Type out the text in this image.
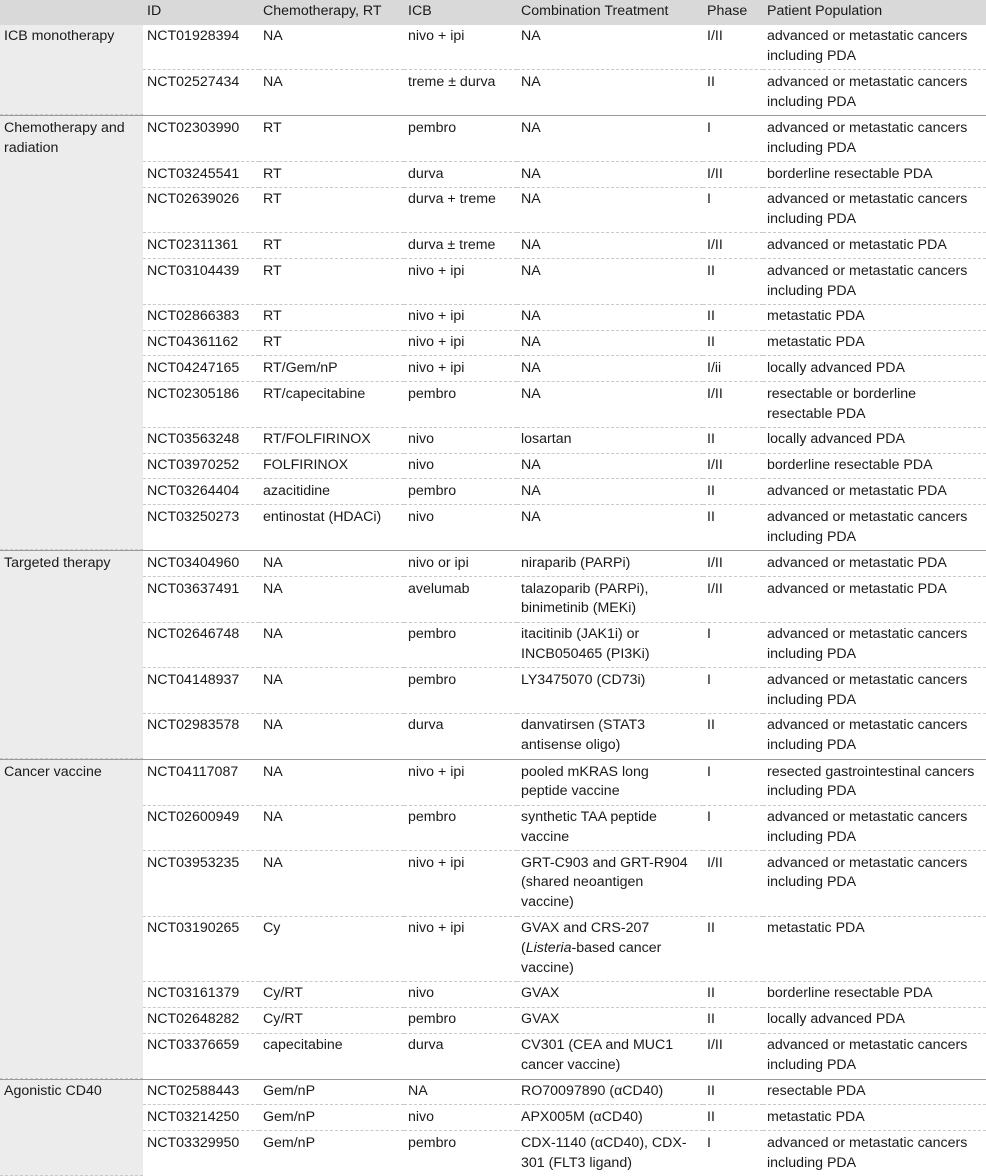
	ID	Chemotherapy, RT	ICB	Combination Treatment	Phase	Patient Population
ICB monotherapy	NCT01928394	NA	nivo + ipi	NA	I/II	advanced or metastatic cancers including PDA
	NCT02527434	NA	treme ± durva	NA	II	advanced or metastatic cancers including PDA

Chemotherapy and radiation	NCT02303990	RT	pembro	NA	I	advanced or metastatic cancers including PDA
	NCT03245541	RT	durva	NA	I/II	borderline resectable PDA
	NCT02639026	RT	durva + treme	NA	I	advanced or metastatic cancers including PDA
	NCT02311361	RT	durva ± treme	NA	I/II	advanced or metastatic PDA
	NCT03104439	RT	nivo + ipi	NA	II	advanced or metastatic cancers including PDA
	NCT02866383	RT	nivo + ipi	NA	II	metastatic PDA
	NCT04361162	RT	nivo + ipi	NA	II	metastatic PDA
	NCT04247165	RT/Gem/nP	nivo + ipi	NA	I/ii	locally advanced PDA
	NCT02305186	RT/capecitabine	pembro	NA	I/II	resectable or borderline resectable PDA
	NCT03563248	RT/FOLFIRINOX	nivo	losartan	II	locally advanced PDA
	NCT03970252	FOLFIRINOX	nivo	NA	I/II	borderline resectable PDA
	NCT03264404	azacitidine	pembro	NA	II	advanced or metastatic PDA
	NCT03250273	entinostat (HDACi)	nivo	NA	II	advanced or metastatic cancers including PDA

Targeted therapy	NCT03404960	NA	nivo or ipi	niraparib (PARPi)	I/II	advanced or metastatic PDA
	NCT03637491	NA	avelumab	talazoparib (PARPi), binimetinib (MEKi)	I/II	advanced or metastatic PDA
	NCT02646748	NA	pembro	itacitinib (JAK1i) or INCB050465 (PI3Ki)	I	advanced or metastatic cancers including PDA
	NCT04148937	NA	pembro	LY3475070 (CD73i)	I	advanced or metastatic cancers including PDA
	NCT02983578	NA	durva	danvatirsen (STAT3 antisense oligo)	II	advanced or metastatic cancers including PDA

Cancer vaccine	NCT04117087	NA	nivo + ipi	pooled mKRAS long peptide vaccine	I	resected gastrointestinal cancers including PDA
	NCT02600949	NA	pembro	synthetic TAA peptide vaccine	I	advanced or metastatic cancers including PDA
	NCT03953235	NA	nivo + ipi	GRT-C903 and GRT-R904 (shared neoantigen vaccine)	I/II	advanced or metastatic cancers including PDA
	NCT03190265	Cy	nivo + ipi	GVAX and CRS-207 (Listeria-based cancer vaccine)	II	metastatic PDA
	NCT03161379	Cy/RT	nivo	GVAX	II	borderline resectable PDA
	NCT02648282	Cy/RT	pembro	GVAX	II	locally advanced PDA
	NCT03376659	capecitabine	durva	CV301 (CEA and MUC1 cancer vaccine)	I/II	advanced or metastatic cancers including PDA

Agonistic CD40	NCT02588443	Gem/nP	NA	RO70097890 (αCD40)	II	resectable PDA
	NCT03214250	Gem/nP	nivo	APX005M (αCD40)	II	metastatic PDA
	NCT03329950	Gem/nP	pembro	CDX-1140 (αCD40), CDX-301 (FLT3 ligand)	I	advanced or metastatic cancers including PDA
